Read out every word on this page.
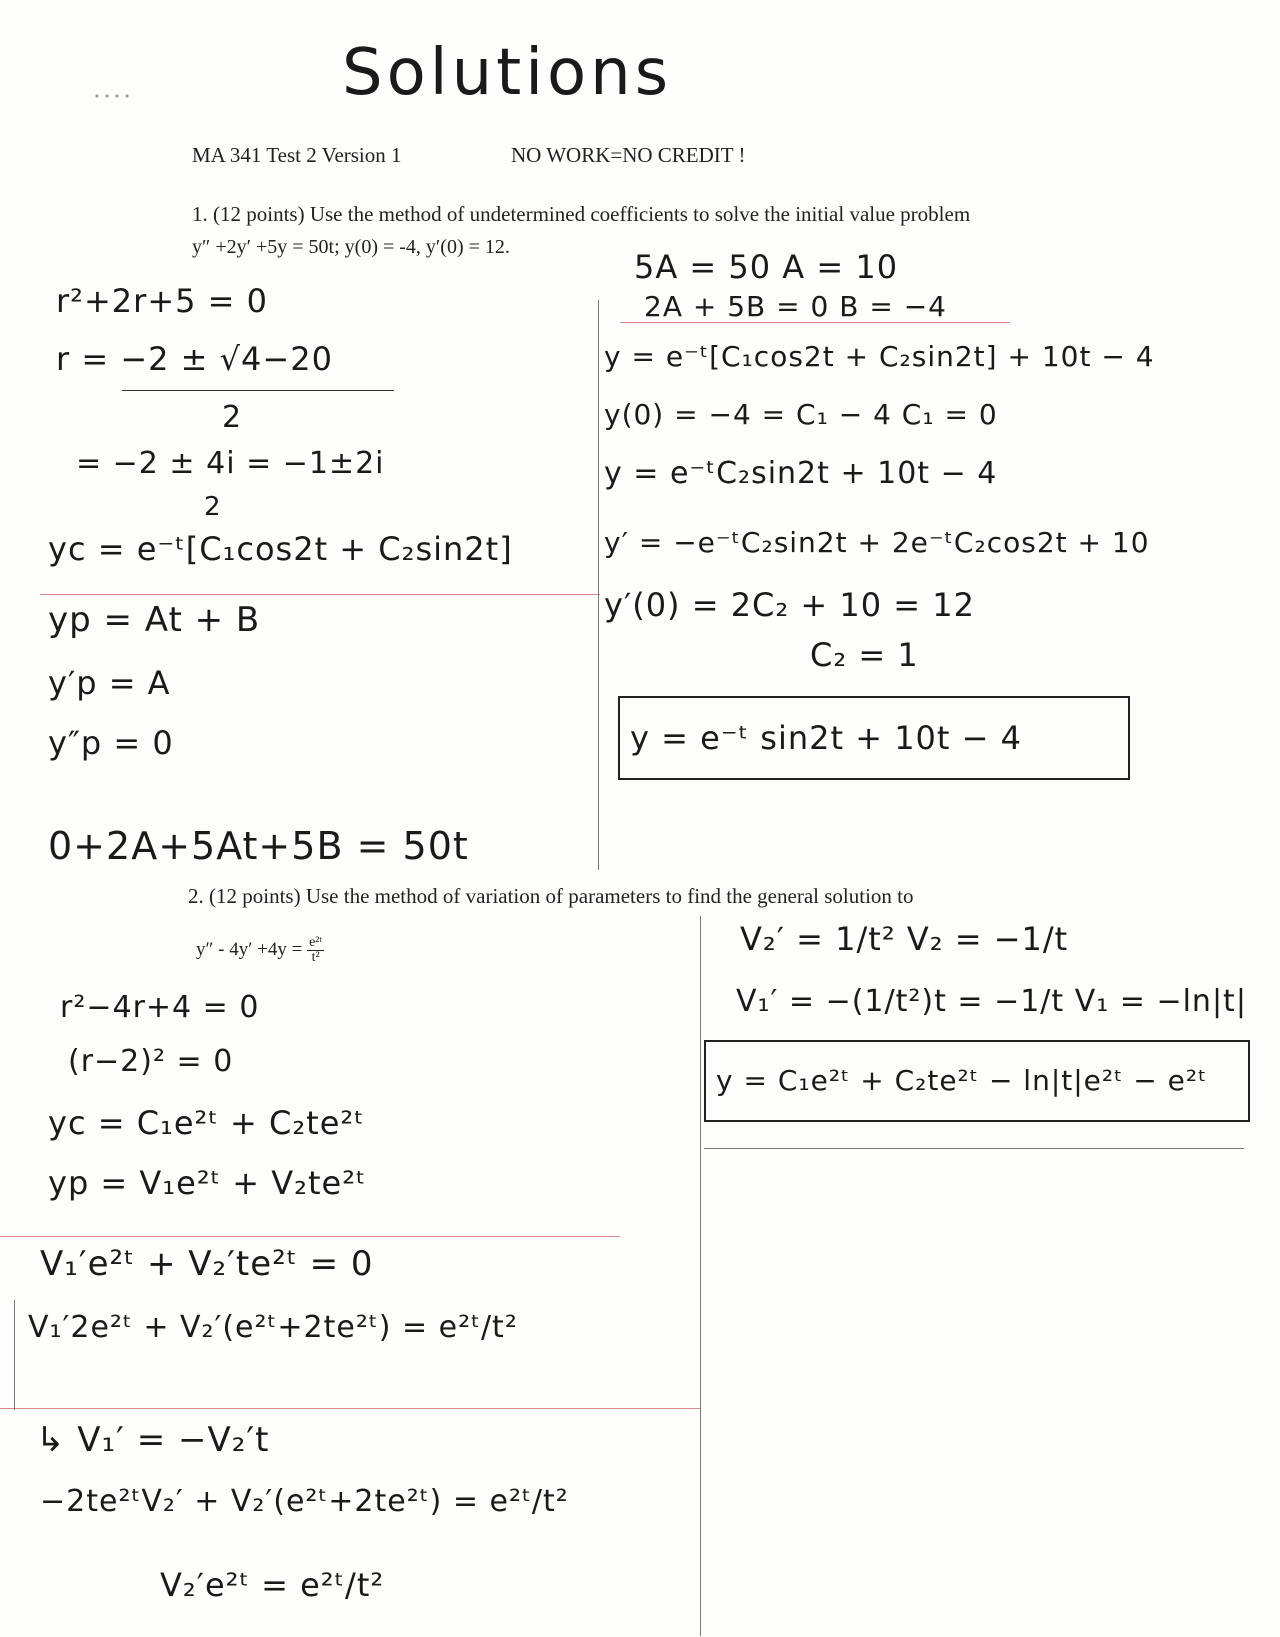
Solutions
MA 341 Test 2 Version 1	NO WORK=NO CREDIT !
1. (12 points) Use the method of undetermined coefficients to solve the initial value problem
y″ +2y′ +5y = 50t; y(0) = -4, y′(0) = 12.
r²+2r+5 = 0
r = −2 ± √4−20
2
= −2 ± 4i = −1±2i
2
yc = e⁻ᵗ[C₁cos2t + C₂sin2t]
yp = At + B
y′p = A
y″p = 0
0+2A+5At+5B = 50t
5A = 50 A = 10
2A + 5B = 0 B = −4
y = e⁻ᵗ[C₁cos2t + C₂sin2t] + 10t − 4
y(0) = −4 = C₁ − 4 C₁ = 0
y = e⁻ᵗC₂sin2t + 10t − 4
y′ = −e⁻ᵗC₂sin2t + 2e⁻ᵗC₂cos2t + 10
y′(0) = 2C₂ + 10 = 12
C₂ = 1
y = e⁻ᵗ sin2t + 10t − 4
2. (12 points) Use the method of variation of parameters to find the general solution to
$y'' - 4y' +4y = \frac{\text{e²ᵗ}}{\text{t²}}$	V₂′ = 1/t² V₂ = −1/t
V₁′ = −(1/t²)t = −1/t V₁ = −ln|t|
y = C₁e²ᵗ + C₂te²ᵗ − ln|t|e²ᵗ − e²ᵗ
r²−4r+4 = 0
(r−2)² = 0
yc = C₁e²ᵗ + C₂te²ᵗ
yp = V₁e²ᵗ + V₂te²ᵗ
V₁′e²ᵗ + V₂′te²ᵗ = 0
V₁′2e²ᵗ + V₂′(e²ᵗ+2te²ᵗ) = e²ᵗ/t²
↳ V₁′ = −V₂′t
−2te²ᵗV₂′ + V₂′(e²ᵗ+2te²ᵗ) = e²ᵗ/t²
V₂′e²ᵗ = e²ᵗ/t²
